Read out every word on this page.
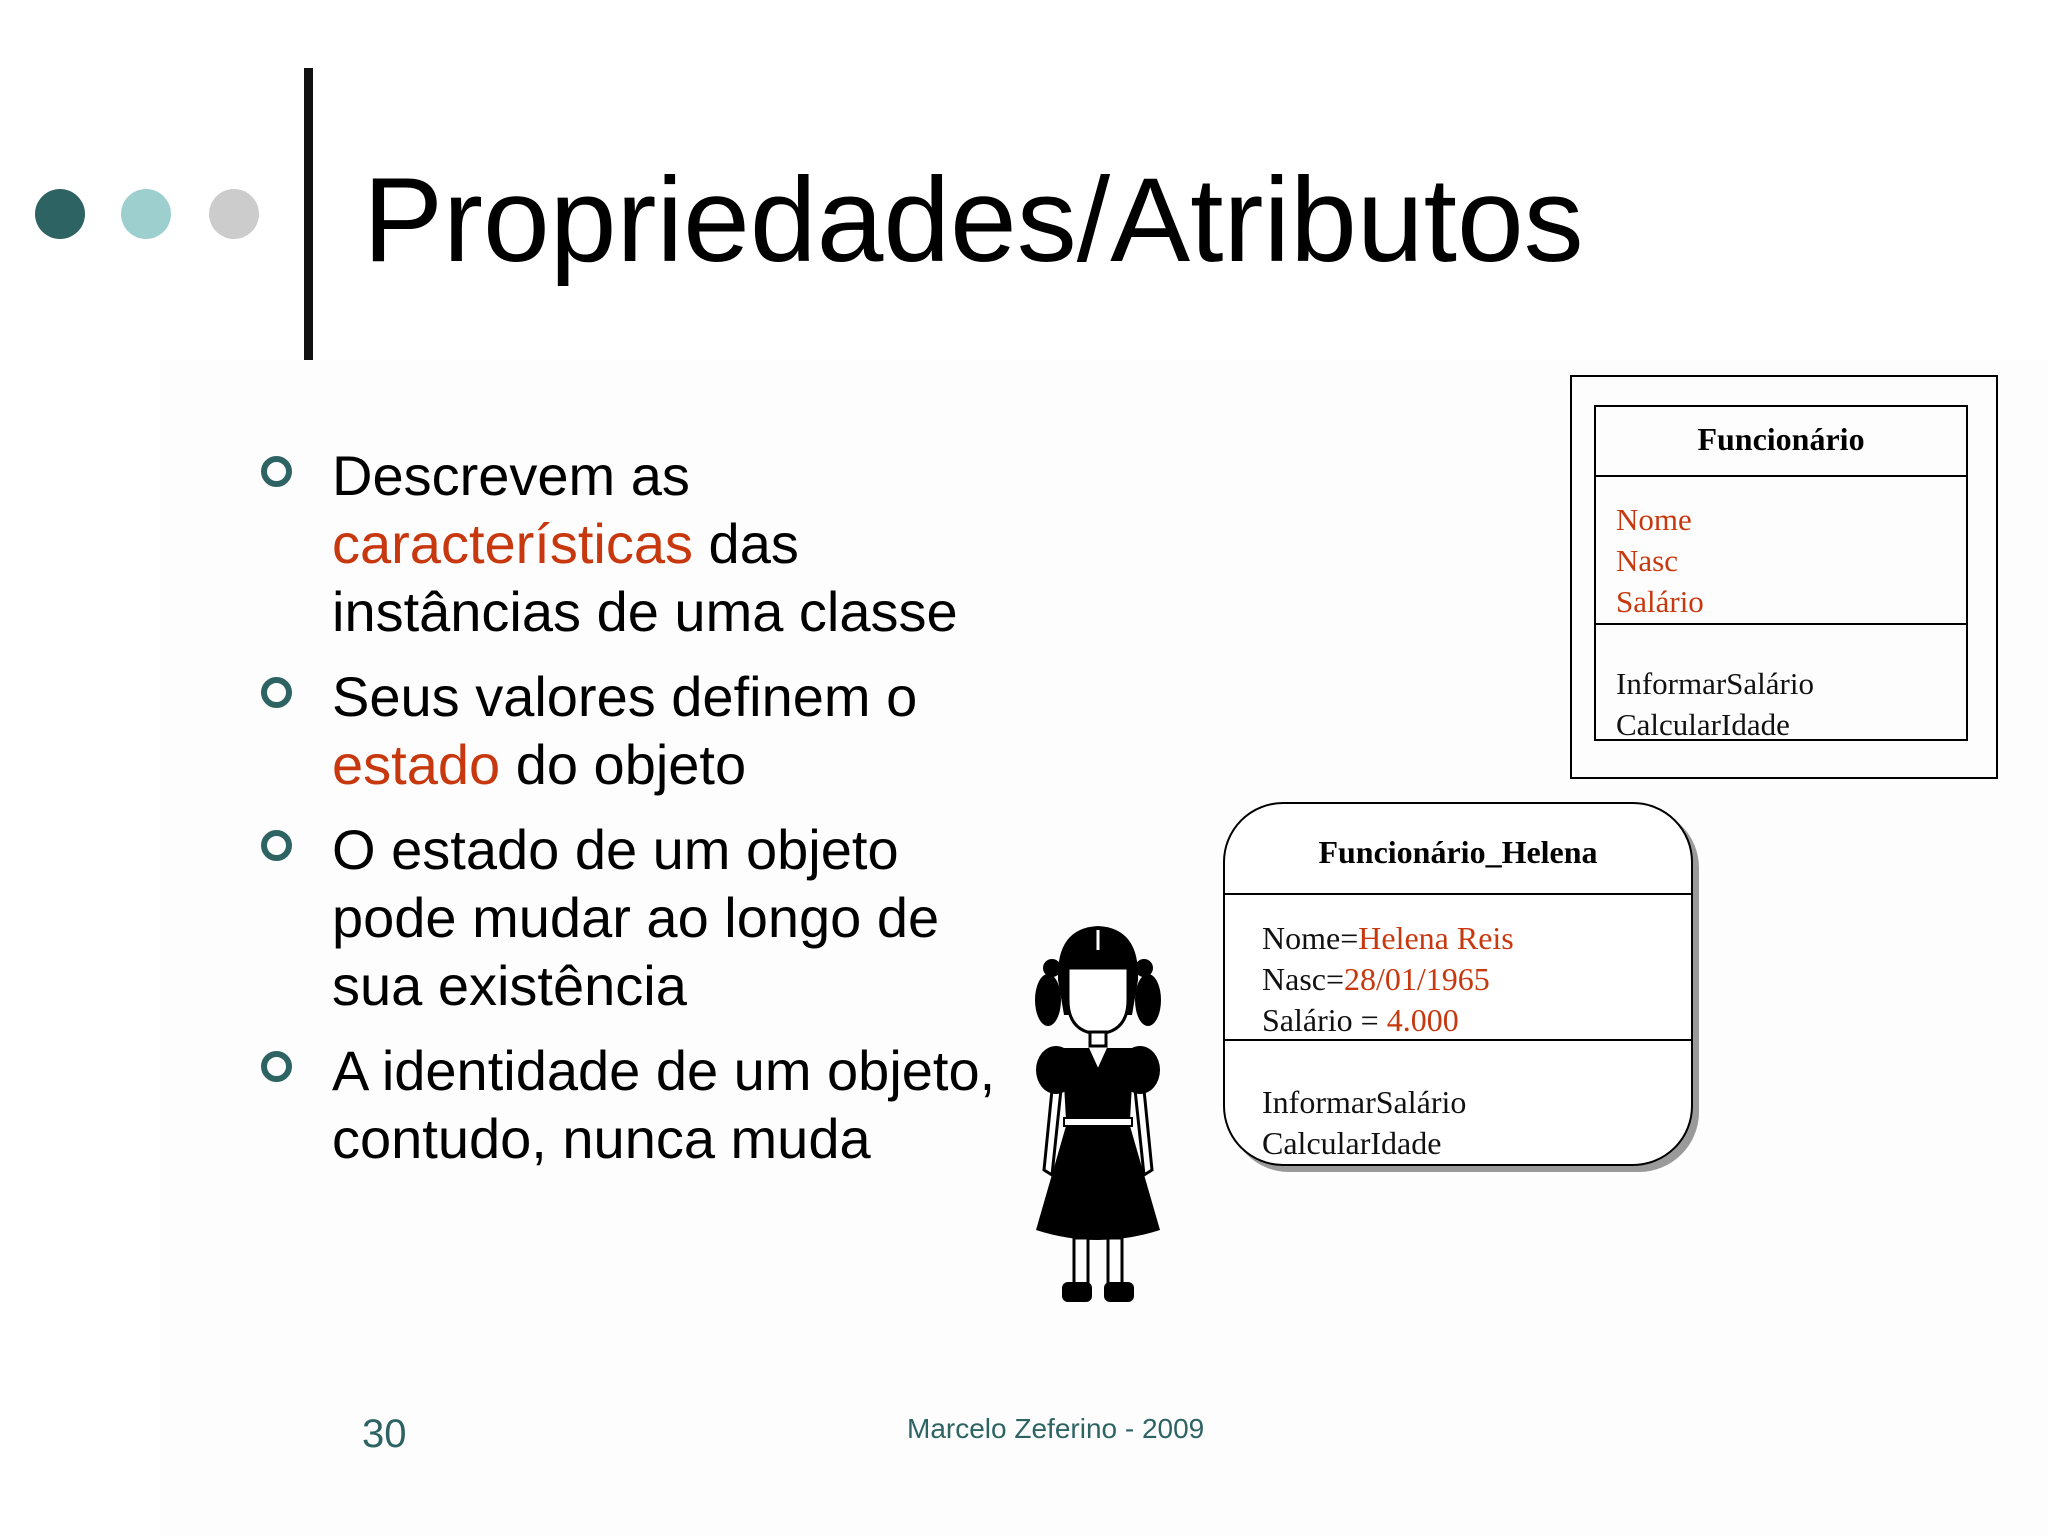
Propriedades/Atributos
Descrevem as características das instâncias de uma classe
Seus valores definem o estado do objeto
O estado de um objeto pode mudar ao longo de sua existência
A identidade de um objeto, contudo, nunca muda
Funcionário
Nome
Nasc
Salário
InformarSalário
CalcularIdade
Funcionário_Helena
Nome=Helena Reis
Nasc=28/01/1965
Salário = 4.000
InformarSalário
CalcularIdade
30	Marcelo Zeferino - 2009
